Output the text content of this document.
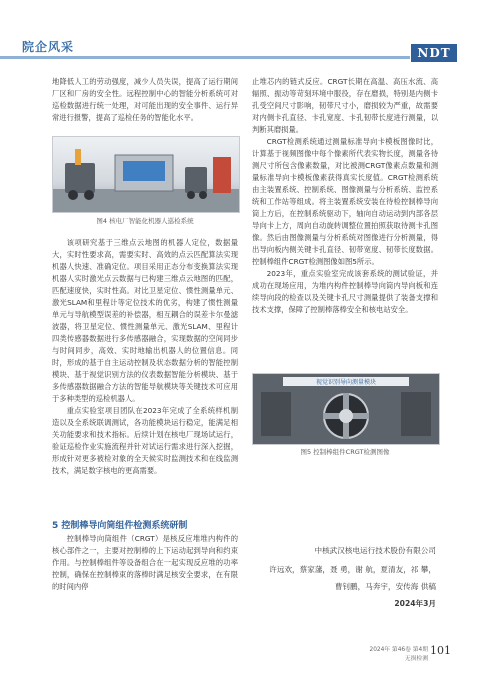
院企风采	NDT

地降低人工的劳动强度，减少人员失误，提高了运行期间厂区和厂房的安全性。远程控制中心的智能分析系统可对巡检数据进行统一处理，对可能出现的安全事件、运行异常进行报警，提高了巡检任务的智能化水平。

图4 核电厂智能化机器人巡检系统

该项研究基于三维点云地图的机器人定位，数据量大，实时性要求高，需要实时、高效的点云匹配算法实现机器人快速、准确定位。项目采用正态分布变换算法实现机器人实时激光点云数据与已构建三维点云地图的匹配，匹配速度快，实时性高。对比卫星定位、惯性测量单元、激光SLAM和里程计等定位技术的优劣，构建了惯性测量单元与导航模型误差的补偿器，相互耦合的误差卡尔曼滤波器，将卫星定位、惯性测量单元、激光SLAM、里程计四类传感器数据进行多传感器融合，实现数据的空间同步与时间同步，高效、实时地输出机器人的位置信息。同时，形成的基于自主运动控制及状态数据分析的智能控制模块、基于视觉识别方法的仪表数据智能分析模块、基于多传感器数据融合方法的智能导航模块等关键技术可应用于多种类型的巡检机器人。

重点实验室项目团队在2023年完成了全系统样机制造以及全系统联调测试，各功能模块运行稳定，能满足相关功能要求和技术指标。后续计划在核电厂现场试运行，验证巡检作业实施流程并针对试运行需求进行深入挖掘，形成针对更多被检对象的全天候实时监测技术和在线监测技术，满足数字核电的更高需要。

5 控制棒导向筒组件检测系统研制

控制棒导向筒组件（CRGT）是核反应堆堆内构件的核心部件之一，主要对控制棒的上下运动起到导向和约束作用。与控制棒组件等设备组合在一起实现反应堆的功率控制，确保在控制棒束的落棒时满足核安全要求，在有限的时间内停

止堆芯内的链式反应。CRGT长期在高温、高压水流、高辐照、振动等苛刻环境中服役，存在磨损，特别是内侧卡孔受空间尺寸影响，韧带尺寸小，磨损较为严重，故需要对内侧卡孔直径、卡孔宽度、卡孔韧带长度进行测量，以判断其磨损量。

CRGT检测系统通过测量标准导向卡模板图像时比，计算基于视频图像中每个像素所代表实物长度，测量各待测尺寸所包含像素数量，对比被测CRGT像素点数量和测量标准导向卡模板像素获得真实长度值。CRGT检测系统由主装置系统、控制系统、图像测量与分析系统、监控系统和工作站等组成。将主装置系统安装在待检控制棒导向筒上方后，在控制系统驱动下，轴向自动运动到内部各层导向卡上方，周向自动旋转调整位置拍照获取待测卡孔图像。然后由图像测量与分析系统对图像进行分析测量，得出导向板内侧关键卡孔直径、韧带宽度、韧带长度数据。控制棒组件CRGT检测图像如图5所示。

2023年，重点实验室完成该套系统的测试验证，并成功在现场应用，为堆内构件控制棒导向筒内导向板和连续导向段的检查以及关键卡孔尺寸测量提供了装备支撑和技术支撑，保障了控制棒落棒安全和核电站安全。

视觉识别导向测量模块
图5 控制棒组件CRGT检测图像
中核武汉核电运行技术股份有限公司
许远欢，蔡家藩，聂 勇，谢 航，夏清友，祁 攀，
曹钊鹏，马奔宇，安传海 供稿
2024年3月
2024年 第46卷 第4期
无损检测
101
